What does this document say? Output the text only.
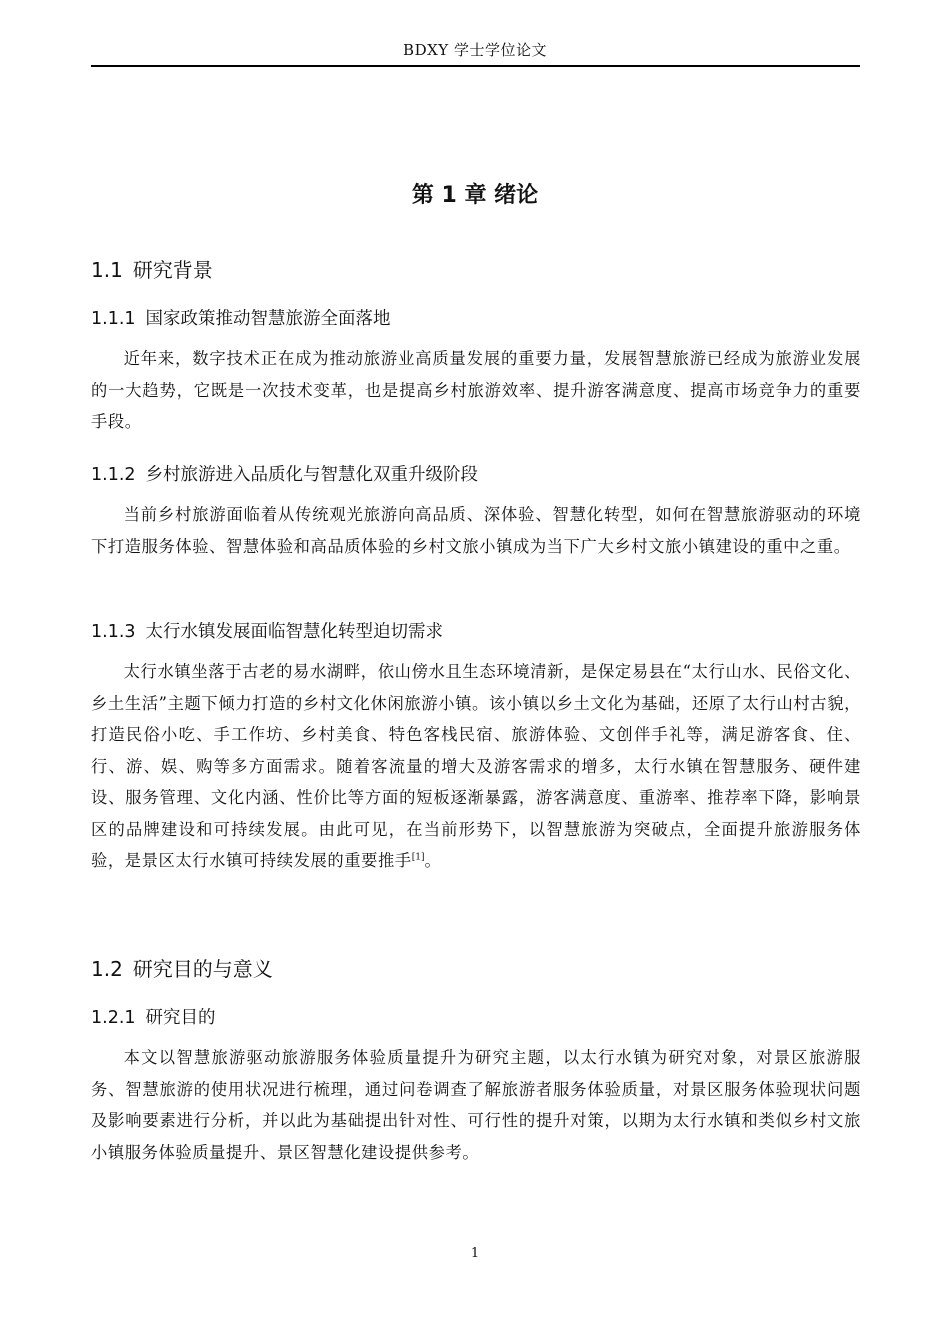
BDXY 学士学位论文
第 1 章 绪论
1.1 研究背景
1.1.1 国家政策推动智慧旅游全面落地
近年来，数字技术正在成为推动旅游业高质量发展的重要力量，发展智慧旅游已经成为旅游业发展的一大趋势，它既是一次技术变革，也是提高乡村旅游效率、提升游客满意度、提高市场竞争力的重要手段。
1.1.2 乡村旅游进入品质化与智慧化双重升级阶段
当前乡村旅游面临着从传统观光旅游向高品质、深体验、智慧化转型，如何在智慧旅游驱动的环境下打造服务体验、智慧体验和高品质体验的乡村文旅小镇成为当下广大乡村文旅小镇建设的重中之重。
1.1.3 太行水镇发展面临智慧化转型迫切需求
太行水镇坐落于古老的易水湖畔，依山傍水且生态环境清新，是保定易县在“太行山水、民俗文化、乡土生活”主题下倾力打造的乡村文化休闲旅游小镇。该小镇以乡土文化为基础，还原了太行山村古貌，打造民俗小吃、手工作坊、乡村美食、特色客栈民宿、旅游体验、文创伴手礼等，满足游客食、住、行、游、娱、购等多方面需求。随着客流量的增大及游客需求的增多，太行水镇在智慧服务、硬件建设、服务管理、文化内涵、性价比等方面的短板逐渐暴露，游客满意度、重游率、推荐率下降，影响景区的品牌建设和可持续发展。由此可见，在当前形势下，以智慧旅游为突破点，全面提升旅游服务体验，是景区太行水镇可持续发展的重要推手[1]。
1.2 研究目的与意义
1.2.1 研究目的
本文以智慧旅游驱动旅游服务体验质量提升为研究主题，以太行水镇为研究对象，对景区旅游服务、智慧旅游的使用状况进行梳理，通过问卷调查了解旅游者服务体验质量，对景区服务体验现状问题及影响要素进行分析，并以此为基础提出针对性、可行性的提升对策，以期为太行水镇和类似乡村文旅小镇服务体验质量提升、景区智慧化建设提供参考。
1
